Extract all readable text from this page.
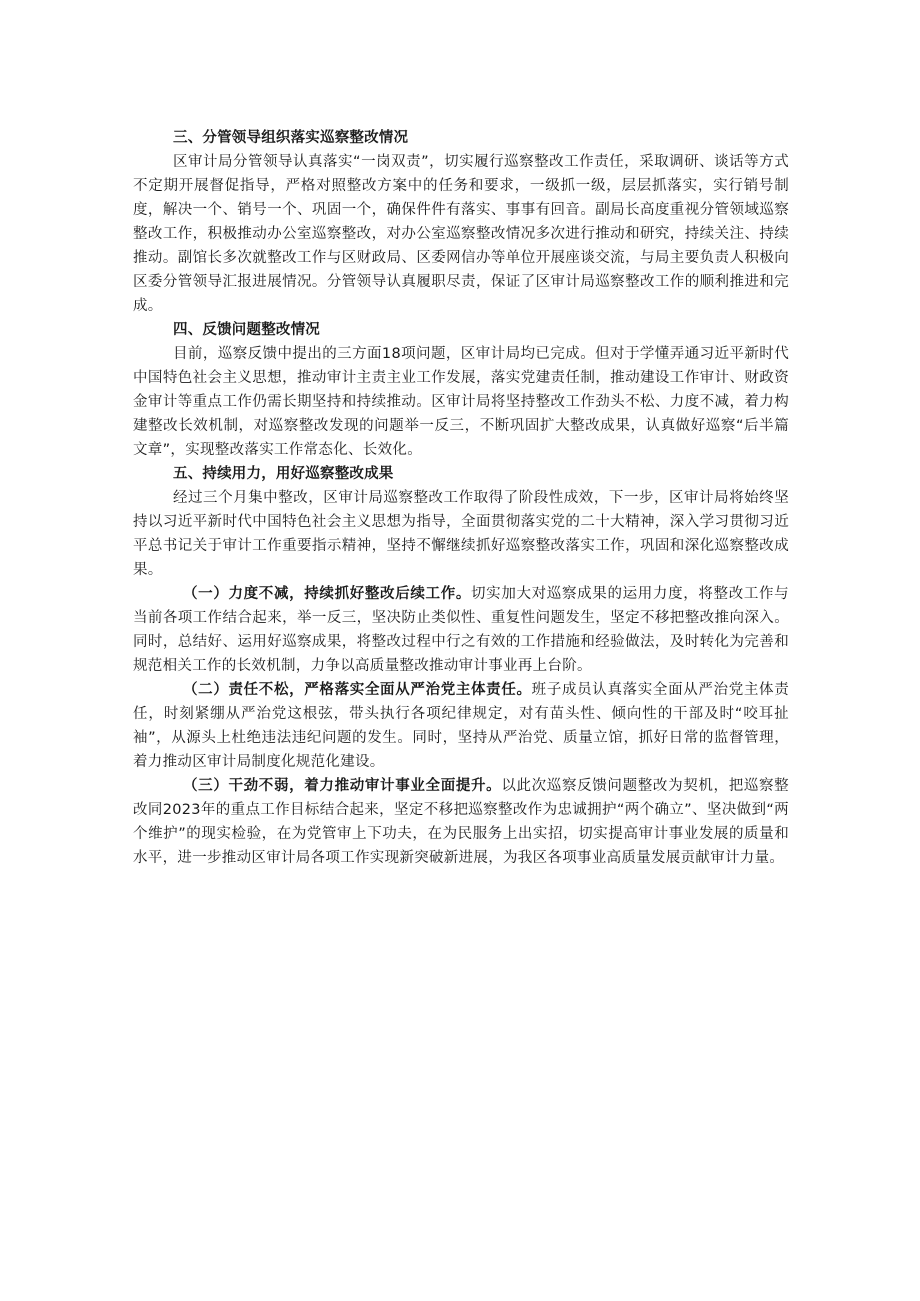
三、分管领导组织落实巡察整改情况

区审计局分管领导认真落实“一岗双责”，切实履行巡察整改工作责任，采取调研、谈话等方式不定期开展督促指导，严格对照整改方案中的任务和要求，一级抓一级，层层抓落实，实行销号制度，解决一个、销号一个、巩固一个，确保件件有落实、事事有回音。副局长高度重视分管领域巡察整改工作，积极推动办公室巡察整改，对办公室巡察整改情况多次进行推动和研究，持续关注、持续推动。副馆长多次就整改工作与区财政局、区委网信办等单位开展座谈交流，与局主要负责人积极向区委分管领导汇报进展情况。分管领导认真履职尽责，保证了区审计局巡察整改工作的顺利推进和完成。

四、反馈问题整改情况

目前，巡察反馈中提出的三方面18项问题，区审计局均已完成。但对于学懂弄通习近平新时代中国特色社会主义思想，推动审计主责主业工作发展，落实党建责任制，推动建设工作审计、财政资金审计等重点工作仍需长期坚持和持续推动。区审计局将坚持整改工作劲头不松、力度不减，着力构建整改长效机制，对巡察整改发现的问题举一反三，不断巩固扩大整改成果，认真做好巡察“后半篇文章”，实现整改落实工作常态化、长效化。

五、持续用力，用好巡察整改成果

经过三个月集中整改，区审计局巡察整改工作取得了阶段性成效，下一步，区审计局将始终坚持以习近平新时代中国特色社会主义思想为指导，全面贯彻落实党的二十大精神，深入学习贯彻习近平总书记关于审计工作重要指示精神，坚持不懈继续抓好巡察整改落实工作，巩固和深化巡察整改成果。

（一）力度不减，持续抓好整改后续工作。切实加大对巡察成果的运用力度，将整改工作与当前各项工作结合起来，举一反三，坚决防止类似性、重复性问题发生，坚定不移把整改推向深入。同时，总结好、运用好巡察成果，将整改过程中行之有效的工作措施和经验做法，及时转化为完善和规范相关工作的长效机制，力争以高质量整改推动审计事业再上台阶。

（二）责任不松，严格落实全面从严治党主体责任。班子成员认真落实全面从严治党主体责任，时刻紧绷从严治党这根弦，带头执行各项纪律规定，对有苗头性、倾向性的干部及时“咬耳扯袖”，从源头上杜绝违法违纪问题的发生。同时，坚持从严治党、质量立馆，抓好日常的监督管理，着力推动区审计局制度化规范化建设。

（三）干劲不弱，着力推动审计事业全面提升。以此次巡察反馈问题整改为契机，把巡察整改同2023年的重点工作目标结合起来，坚定不移把巡察整改作为忠诚拥护“两个确立”、坚决做到“两个维护”的现实检验，在为党管审上下功夫，在为民服务上出实招，切实提高审计事业发展的质量和水平，进一步推动区审计局各项工作实现新突破新进展，为我区各项事业高质量发展贡献审计力量。
